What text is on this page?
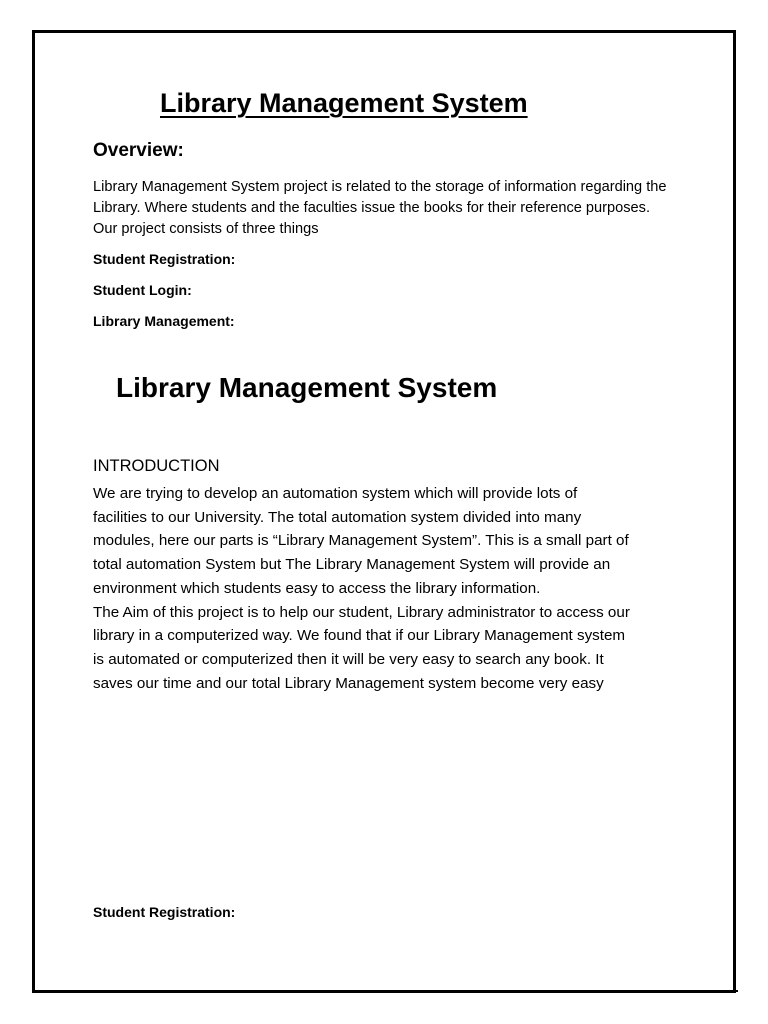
Library Management System
Overview:
Library Management System project is related to the storage of information regarding the Library. Where students and the faculties issue the books for their reference purposes. Our project consists of three things
Student Registration:
Student Login:
Library Management:
Library Management System
INTRODUCTION

We are trying to develop an automation system which will provide lots of

facilities to our University. The total automation system divided into many

modules, here our parts is “Library Management System”. This is a small part of

total automation System but The Library Management System will provide an

environment which students easy to access the library information.

The Aim of this project is to help our student, Library administrator to access our

library in a computerized way. We found that if our Library Management system

is automated or computerized then it will be very easy to search any book. It

saves our time and our total Library Management system become very easy

Student Registration:
